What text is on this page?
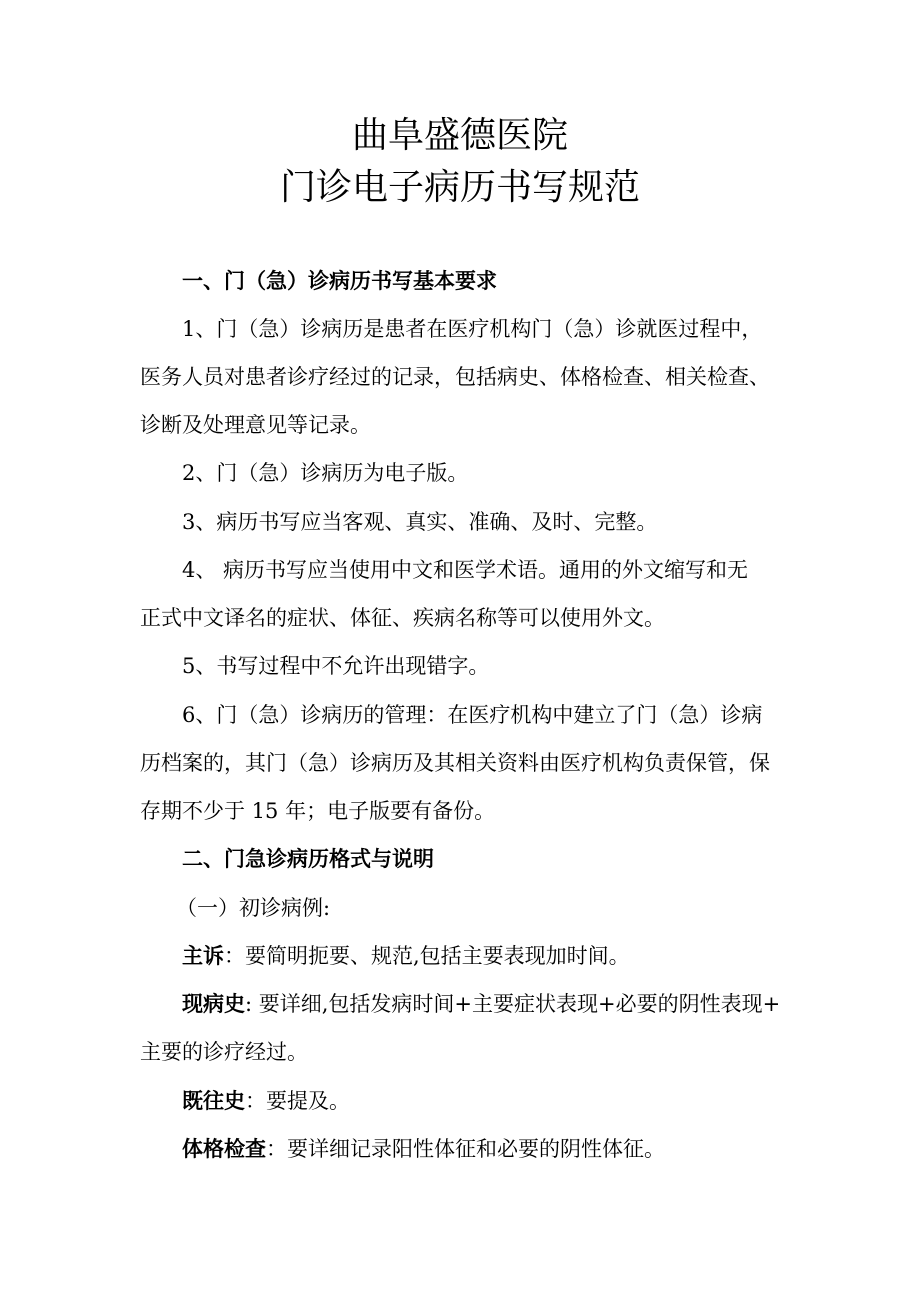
曲阜盛德医院
门诊电子病历书写规范

一、门（急）诊病历书写基本要求

1、门（急）诊病历是患者在医疗机构门（急）诊就医过程中，

医务人员对患者诊疗经过的记录，包括病史、体格检查、相关检查、

诊断及处理意见等记录。

2、门（急）诊病历为电子版。

3、病历书写应当客观、真实、准确、及时、完整。

4、 病历书写应当使用中文和医学术语。通用的外文缩写和无

正式中文译名的症状、体征、疾病名称等可以使用外文。

5、书写过程中不允许出现错字。

6、门（急）诊病历的管理：在医疗机构中建立了门（急）诊病

历档案的，其门（急）诊病历及其相关资料由医疗机构负责保管，保

存期不少于 15 年；电子版要有备份。

二、门急诊病历格式与说明

（一）初诊病例:

主诉：要简明扼要、规范,包括主要表现加时间。

现病史: 要详细,包括发病时间+主要症状表现+必要的阴性表现+

主要的诊疗经过。

既往史：要提及。

体格检查：要详细记录阳性体征和必要的阴性体征。
